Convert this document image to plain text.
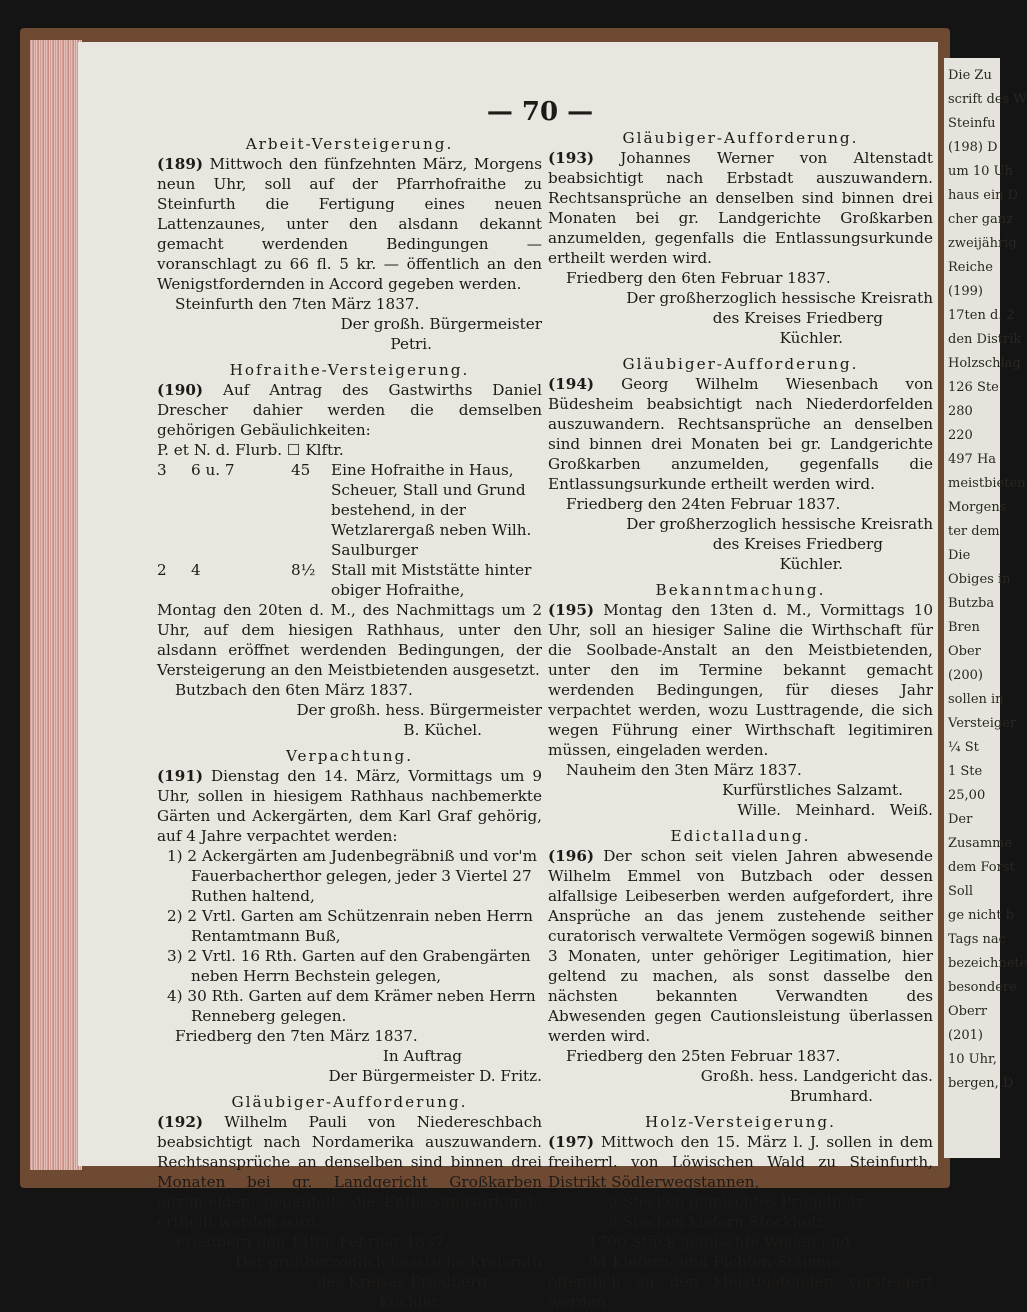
Die Zu
scrift des W
Steinfu
(198) D
um 10 Uh
haus ein D
cher ganz
zweijährig
Reiche
(199)
17ten d. 2
den Distrik
Holzschlag
126 Ste
280
220
497 Ha
meistbieten
Morgens
ter dem
Die
Obiges in
Butzba
Bren
Ober
(200)
sollen in
Versteiger
¼ St
1 Ste
25,00
Der
Zusamme
dem Forst
Soll
ge nicht b
Tags nac
bezeichnete
besondere
Oberr
(201)
10 Uhr,
bergen, D
— 70 —

Arbeit-Versteigerung.

(189) Mittwoch den fünfzehnten März, Morgens neun Uhr, soll auf der Pfarrhofraithe zu Steinfurth die Fertigung eines neuen Lattenzaunes, unter den alsdann dekannt gemacht werdenden Bedingungen — voranschlagt zu 66 fl. 5 kr. — öffentlich an den Wenigstfordernden in Accord gegeben werden.

Steinfurth den 7ten März 1837.

Der großh. Bürgermeister

Petri.

Hofraithe-Versteigerung.

(190) Auf Antrag des Gastwirths Daniel Drescher dahier werden die demselben gehörigen Gebäulichkeiten:

P. et N. d. Flurb. ☐ Klftr.
3	6 u. 7	45	Eine Hofraithe in Haus, Scheuer, Stall und Grund bestehend, in der Wetzlarergaß neben Wilh. Saulburger
2	4	8½	Stall mit Miststätte hinter obiger Hofraithe,

Montag den 20ten d. M., des Nachmittags um 2 Uhr, auf dem hiesigen Rathhaus, unter den alsdann eröffnet werdenden Bedingungen, der Versteigerung an den Meistbietenden ausgesetzt.

Butzbach den 6ten März 1837.

Der großh. hess. Bürgermeister

B. Küchel.

Verpachtung.

(191) Dienstag den 14. März, Vormittags um 9 Uhr, sollen in hiesigem Rathhaus nachbemerkte Gärten und Ackergärten, dem Karl Graf gehörig, auf 4 Jahre verpachtet werden:

1) 2 Ackergärten am Judenbegräbniß und vor'm Fauerbacherthor gelegen, jeder 3 Viertel 27 Ruthen haltend,

2) 2 Vrtl. Garten am Schützenrain neben Herrn Rentamtmann Buß,

3) 2 Vrtl. 16 Rth. Garten auf den Grabengärten neben Herrn Bechstein gelegen,

4) 30 Rth. Garten auf dem Krämer neben Herrn Renneberg gelegen.

Friedberg den 7ten März 1837.

In Auftrag

Der Bürgermeister D. Fritz.

Gläubiger-Aufforderung.

(192) Wilhelm Pauli von Niedereschbach beabsichtigt nach Nordamerika auszuwandern. Rechtsansprüche an denselben sind binnen drei Monaten bei gr. Landgericht Großkarben anzumelden, gegenfalls die Entlassungsurkunde ertheilt werden wird.

Friedberg den 14ten Februar 1837.

Der großherzoglich hessische Kreisrath

des Kreises Friedberg.

Küchler.

Gläubiger-Aufforderung.

(193) Johannes Werner von Altenstadt beabsichtigt nach Erbstadt auszuwandern. Rechtsansprüche an denselben sind binnen drei Monaten bei gr. Landgerichte Großkarben anzumelden, gegenfalls die Entlassungsurkunde ertheilt werden wird.

Friedberg den 6ten Februar 1837.

Der großherzoglich hessische Kreisrath

des Kreises Friedberg

Küchler.

Gläubiger-Aufforderung.

(194) Georg Wilhelm Wiesenbach von Büdesheim beabsichtigt nach Niederdorfelden auszuwandern. Rechtsansprüche an denselben sind binnen drei Monaten bei gr. Landgerichte Großkarben anzumelden, gegenfalls die Entlassungsurkunde ertheilt werden wird.

Friedberg den 24ten Februar 1837.

Der großherzoglich hessische Kreisrath

des Kreises Friedberg

Küchler.

Bekanntmachung.

(195) Montag den 13ten d. M., Vormittags 10 Uhr, soll an hiesiger Saline die Wirthschaft für die Soolbade-Anstalt an den Meistbietenden, unter den im Termine bekannt gemacht werdenden Bedingungen, für dieses Jahr verpachtet werden, wozu Lusttragende, die sich wegen Führung einer Wirthschaft legitimiren müssen, eingeladen werden.

Nauheim den 3ten März 1837.

Kurfürstliches Salzamt.

Wille.   Meinhard.   Weiß.

Edictalladung.

(196) Der schon seit vielen Jahren abwesende Wilhelm Emmel von Butzbach oder dessen alfallsige Leibeserben werden aufgefordert, ihre Ansprüche an das jenem zustehende seither curatorisch verwaltete Vermögen sogewiß binnen 3 Monaten, unter gehöriger Legitimation, hier geltend zu machen, als sonst dasselbe den nächsten bekannten Verwandten des Abwesenden gegen Cautionsleistung überlassen werden wird.

Friedberg den 25ten Februar 1837.

Großh. hess. Landgericht das.

Brumhard.

Holz-Versteigerung.

(197) Mittwoch den 15. März l. J. sollen in dem freiherrl. von Löwischen Wald zu Steinfurth, Distrikt Södlerwegstannen,

9 Stecken gemischtes Prügelholz,

8 Stecken kiefern Stockholz,

1700 Stück gemischte Wellen und

84 Kiefern- und Fichten-Stämme,

öffentlich an den Meistbietenden versteigert werden.
